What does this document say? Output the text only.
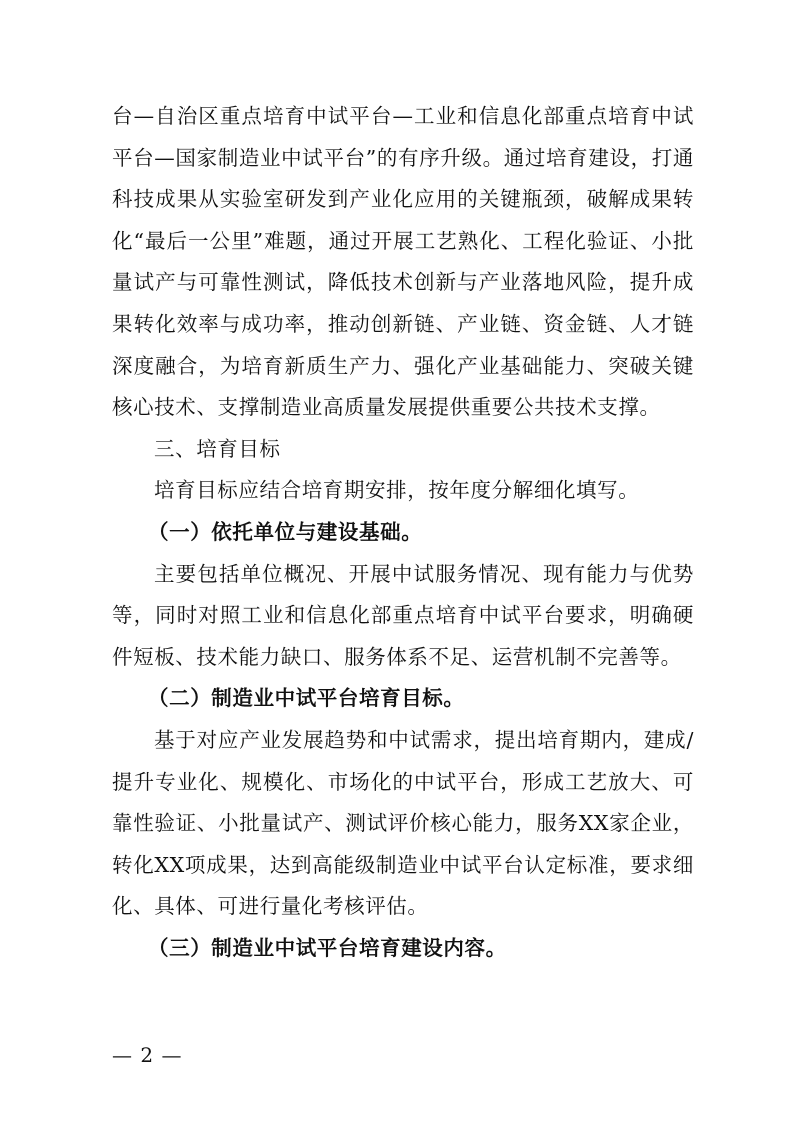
台—自治区重点培育中试平台—工业和信息化部重点培育中试平台—国家制造业中试平台”的有序升级。通过培育建设，打通科技成果从实验室研发到产业化应用的关键瓶颈，破解成果转化“最后一公里”难题，通过开展工艺熟化、工程化验证、小批量试产与可靠性测试，降低技术创新与产业落地风险，提升成果转化效率与成功率，推动创新链、产业链、资金链、人才链深度融合，为培育新质生产力、强化产业基础能力、突破关键核心技术、支撑制造业高质量发展提供重要公共技术支撑。

三、培育目标

培育目标应结合培育期安排，按年度分解细化填写。

（一）依托单位与建设基础。

主要包括单位概况、开展中试服务情况、现有能力与优势等，同时对照工业和信息化部重点培育中试平台要求，明确硬件短板、技术能力缺口、服务体系不足、运营机制不完善等。

（二）制造业中试平台培育目标。

基于对应产业发展趋势和中试需求，提出培育期内，建成/提升专业化、规模化、市场化的中试平台，形成工艺放大、可靠性验证、小批量试产、测试评价核心能力，服务XX家企业，转化XX项成果，达到高能级制造业中试平台认定标准，要求细化、具体、可进行量化考核评估。

（三）制造业中试平台培育建设内容。

— 2 —
